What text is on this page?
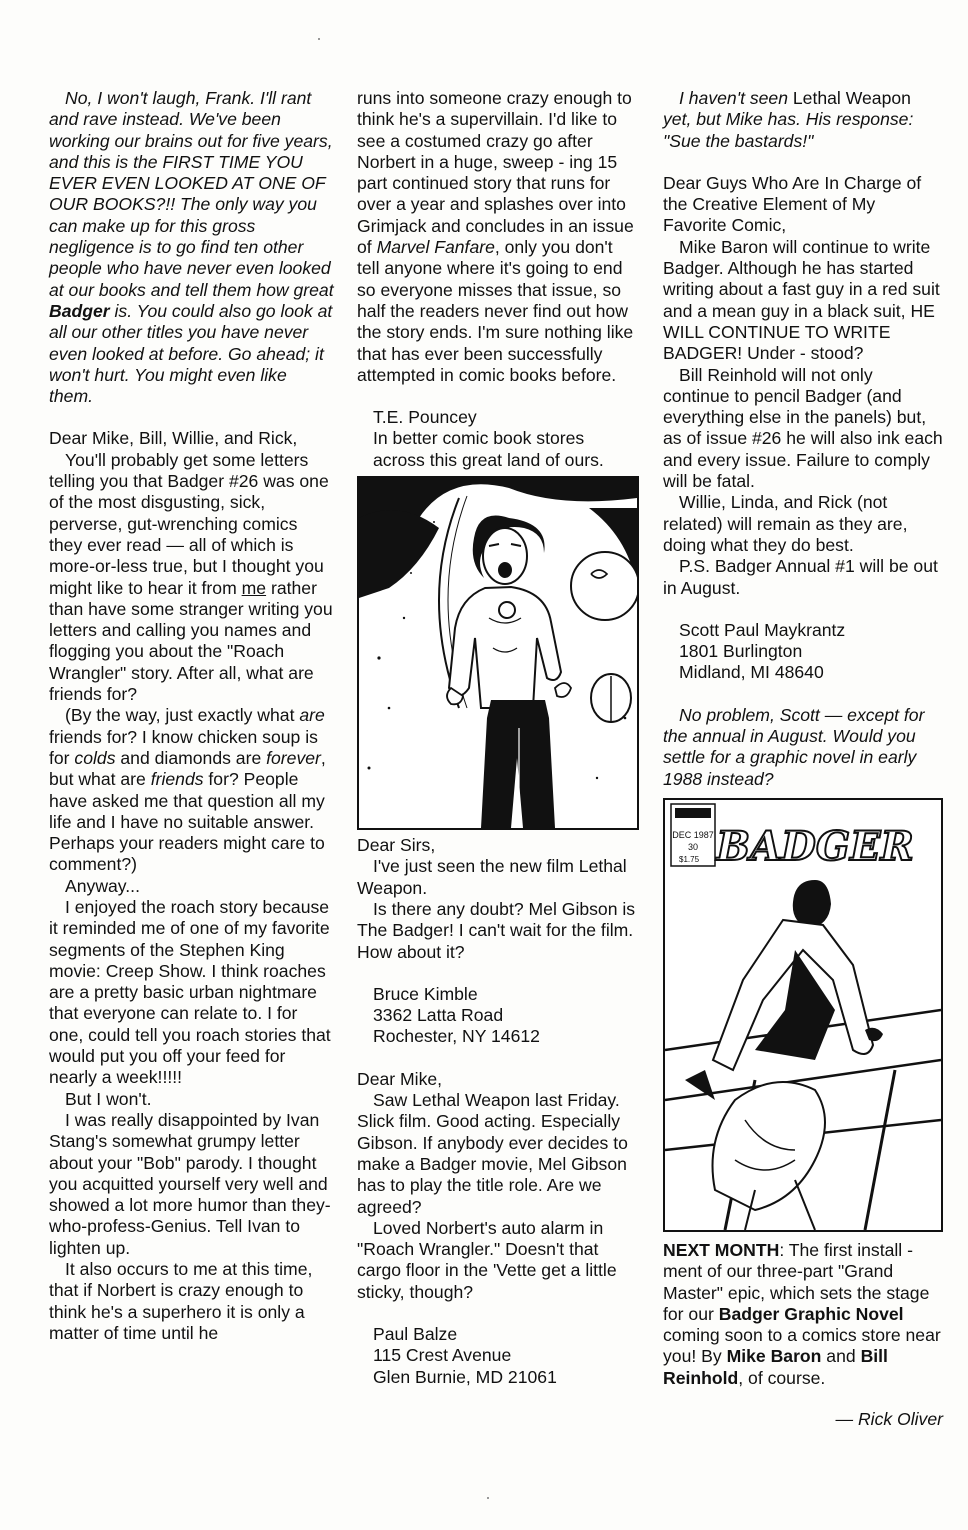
No, I won't laugh, Frank. I'll rant and rave instead. We've been working our brains out for five years, and this is the FIRST TIME YOU EVER EVEN LOOKED AT ONE OF OUR BOOKS?!! The only way you can make up for this gross negligence is to go find ten other people who have never even looked at our books and tell them how great Badger is. You could also go look at all our other titles you have never even looked at before. Go ahead; it won't hurt. You might even like them.

Dear Mike, Bill, Willie, and Rick,

You'll probably get some letters telling you that Badger #26 was one of the most disgusting, sick, perverse, gut-wrenching comics they ever read — all of which is more-or-less true, but I thought you might like to hear it from me rather than have some stranger writing you letters and calling you names and flogging you about the "Roach Wrangler" story. After all, what are friends for?

(By the way, just exactly what are friends for? I know chicken soup is for colds and diamonds are forever, but what are friends for? People have asked me that question all my life and I have no suitable answer. Perhaps your readers might care to comment?)

Anyway...

I enjoyed the roach story because it reminded me of one of my favorite segments of the Stephen King movie: Creep Show. I think roaches are a pretty basic urban nightmare that everyone can relate to. I for one, could tell you roach stories that would put you off your feed for nearly a week!!!!!

But I won't.

I was really disappointed by Ivan Stang's somewhat grumpy letter about your "Bob" parody. I thought you acquitted yourself very well and showed a lot more humor than they-who-profess-Genius. Tell Ivan to lighten up.

It also occurs to me at this time, that if Norbert is crazy enough to think he's a superhero it is only a matter of time until he

runs into someone crazy enough to think he's a supervillain. I'd like to see a costumed crazy go after Norbert in a huge, sweep - ing 15 part continued story that runs for over a year and splashes over into Grimjack and concludes in an issue of Marvel Fanfare, only you don't tell anyone where it's going to end so everyone misses that issue, so half the readers never find out how the story ends. I'm sure nothing like that has ever been successfully attempted in comic books before.

T.E. Pouncey

In better comic book stores

across this great land of ours.

Dear Sirs,

I've just seen the new film Lethal Weapon.

Is there any doubt? Mel Gibson is The Badger! I can't wait for the film. How about it?

Bruce Kimble

3362 Latta Road

Rochester, NY 14612

Dear Mike,

Saw Lethal Weapon last Friday. Slick film. Good acting. Especially Gibson. If anybody ever decides to make a Badger movie, Mel Gibson has to play the title role. Are we agreed?

Loved Norbert's auto alarm in "Roach Wrangler." Doesn't that cargo floor in the 'Vette get a little sticky, though?

Paul Balze

115 Crest Avenue

Glen Burnie, MD 21061

I haven't seen Lethal Weapon yet, but Mike has. His response: "Sue the bastards!"

Dear Guys Who Are In Charge of the Creative Element of My Favorite Comic,

Mike Baron will continue to write Badger. Although he has started writing about a fast guy in a red suit and a mean guy in a black suit, HE WILL CONTINUE TO WRITE BADGER! Under - stood?

Bill Reinhold will not only continue to pencil Badger (and everything else in the panels) but, as of issue #26 he will also ink each and every issue. Failure to comply will be fatal.

Willie, Linda, and Rick (not related) will remain as they are, doing what they do best.

P.S. Badger Annual #1 will be out in August.

Scott Paul Maykrantz

1801 Burlington

Midland, MI 48640

No problem, Scott — except for the annual in August. Would you settle for a graphic novel in early 1988 instead?

DEC 1987
30
$1.75 BADGER

NEXT MONTH: The first install - ment of our three-part "Grand Master" epic, which sets the stage for our Badger Graphic Novel coming soon to a comics store near you! By Mike Baron and Bill Reinhold, of course.

— Rick Oliver
